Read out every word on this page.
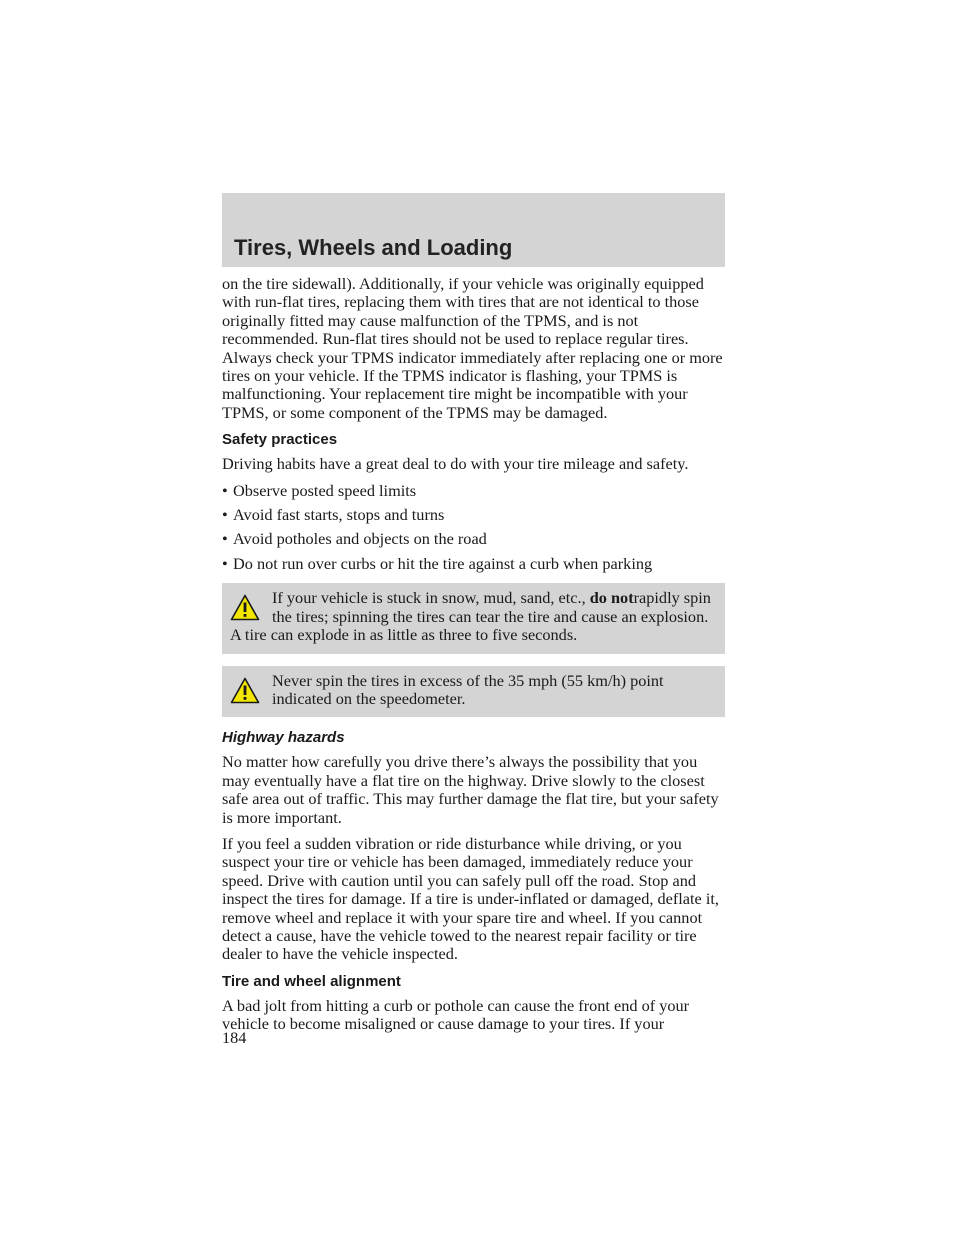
Tires, Wheels and Loading

on the tire sidewall). Additionally, if your vehicle was originally equipped with run-flat tires, replacing them with tires that are not identical to those originally fitted may cause malfunction of the TPMS, and is not recommended. Run-flat tires should not be used to replace regular tires. Always check your TPMS indicator immediately after replacing one or more tires on your vehicle. If the TPMS indicator is flashing, your TPMS is malfunctioning. Your replacement tire might be incompatible with your TPMS, or some component of the TPMS may be damaged.

Safety practices

Driving habits have a great deal to do with your tire mileage and safety.

• Observe posted speed limits
• Avoid fast starts, stops and turns
• Avoid potholes and objects on the road
• Do not run over curbs or hit the tire against a curb when parking
If your vehicle is stuck in snow, mud, sand, etc., do notrapidly spin the tires; spinning the tires can tear the tire and cause an explosion. A tire can explode in as little as three to five seconds.
Never spin the tires in excess of the 35 mph (55 km/h) point indicated on the speedometer.
Highway hazards

No matter how carefully you drive there’s always the possibility that you may eventually have a flat tire on the highway. Drive slowly to the closest safe area out of traffic. This may further damage the flat tire, but your safety is more important.

If you feel a sudden vibration or ride disturbance while driving, or you suspect your tire or vehicle has been damaged, immediately reduce your speed. Drive with caution until you can safely pull off the road. Stop and inspect the tires for damage. If a tire is under-inflated or damaged, deflate it, remove wheel and replace it with your spare tire and wheel. If you cannot detect a cause, have the vehicle towed to the nearest repair facility or tire dealer to have the vehicle inspected.

Tire and wheel alignment

A bad jolt from hitting a curb or pothole can cause the front end of your vehicle to become misaligned or cause damage to your tires. If your

184
